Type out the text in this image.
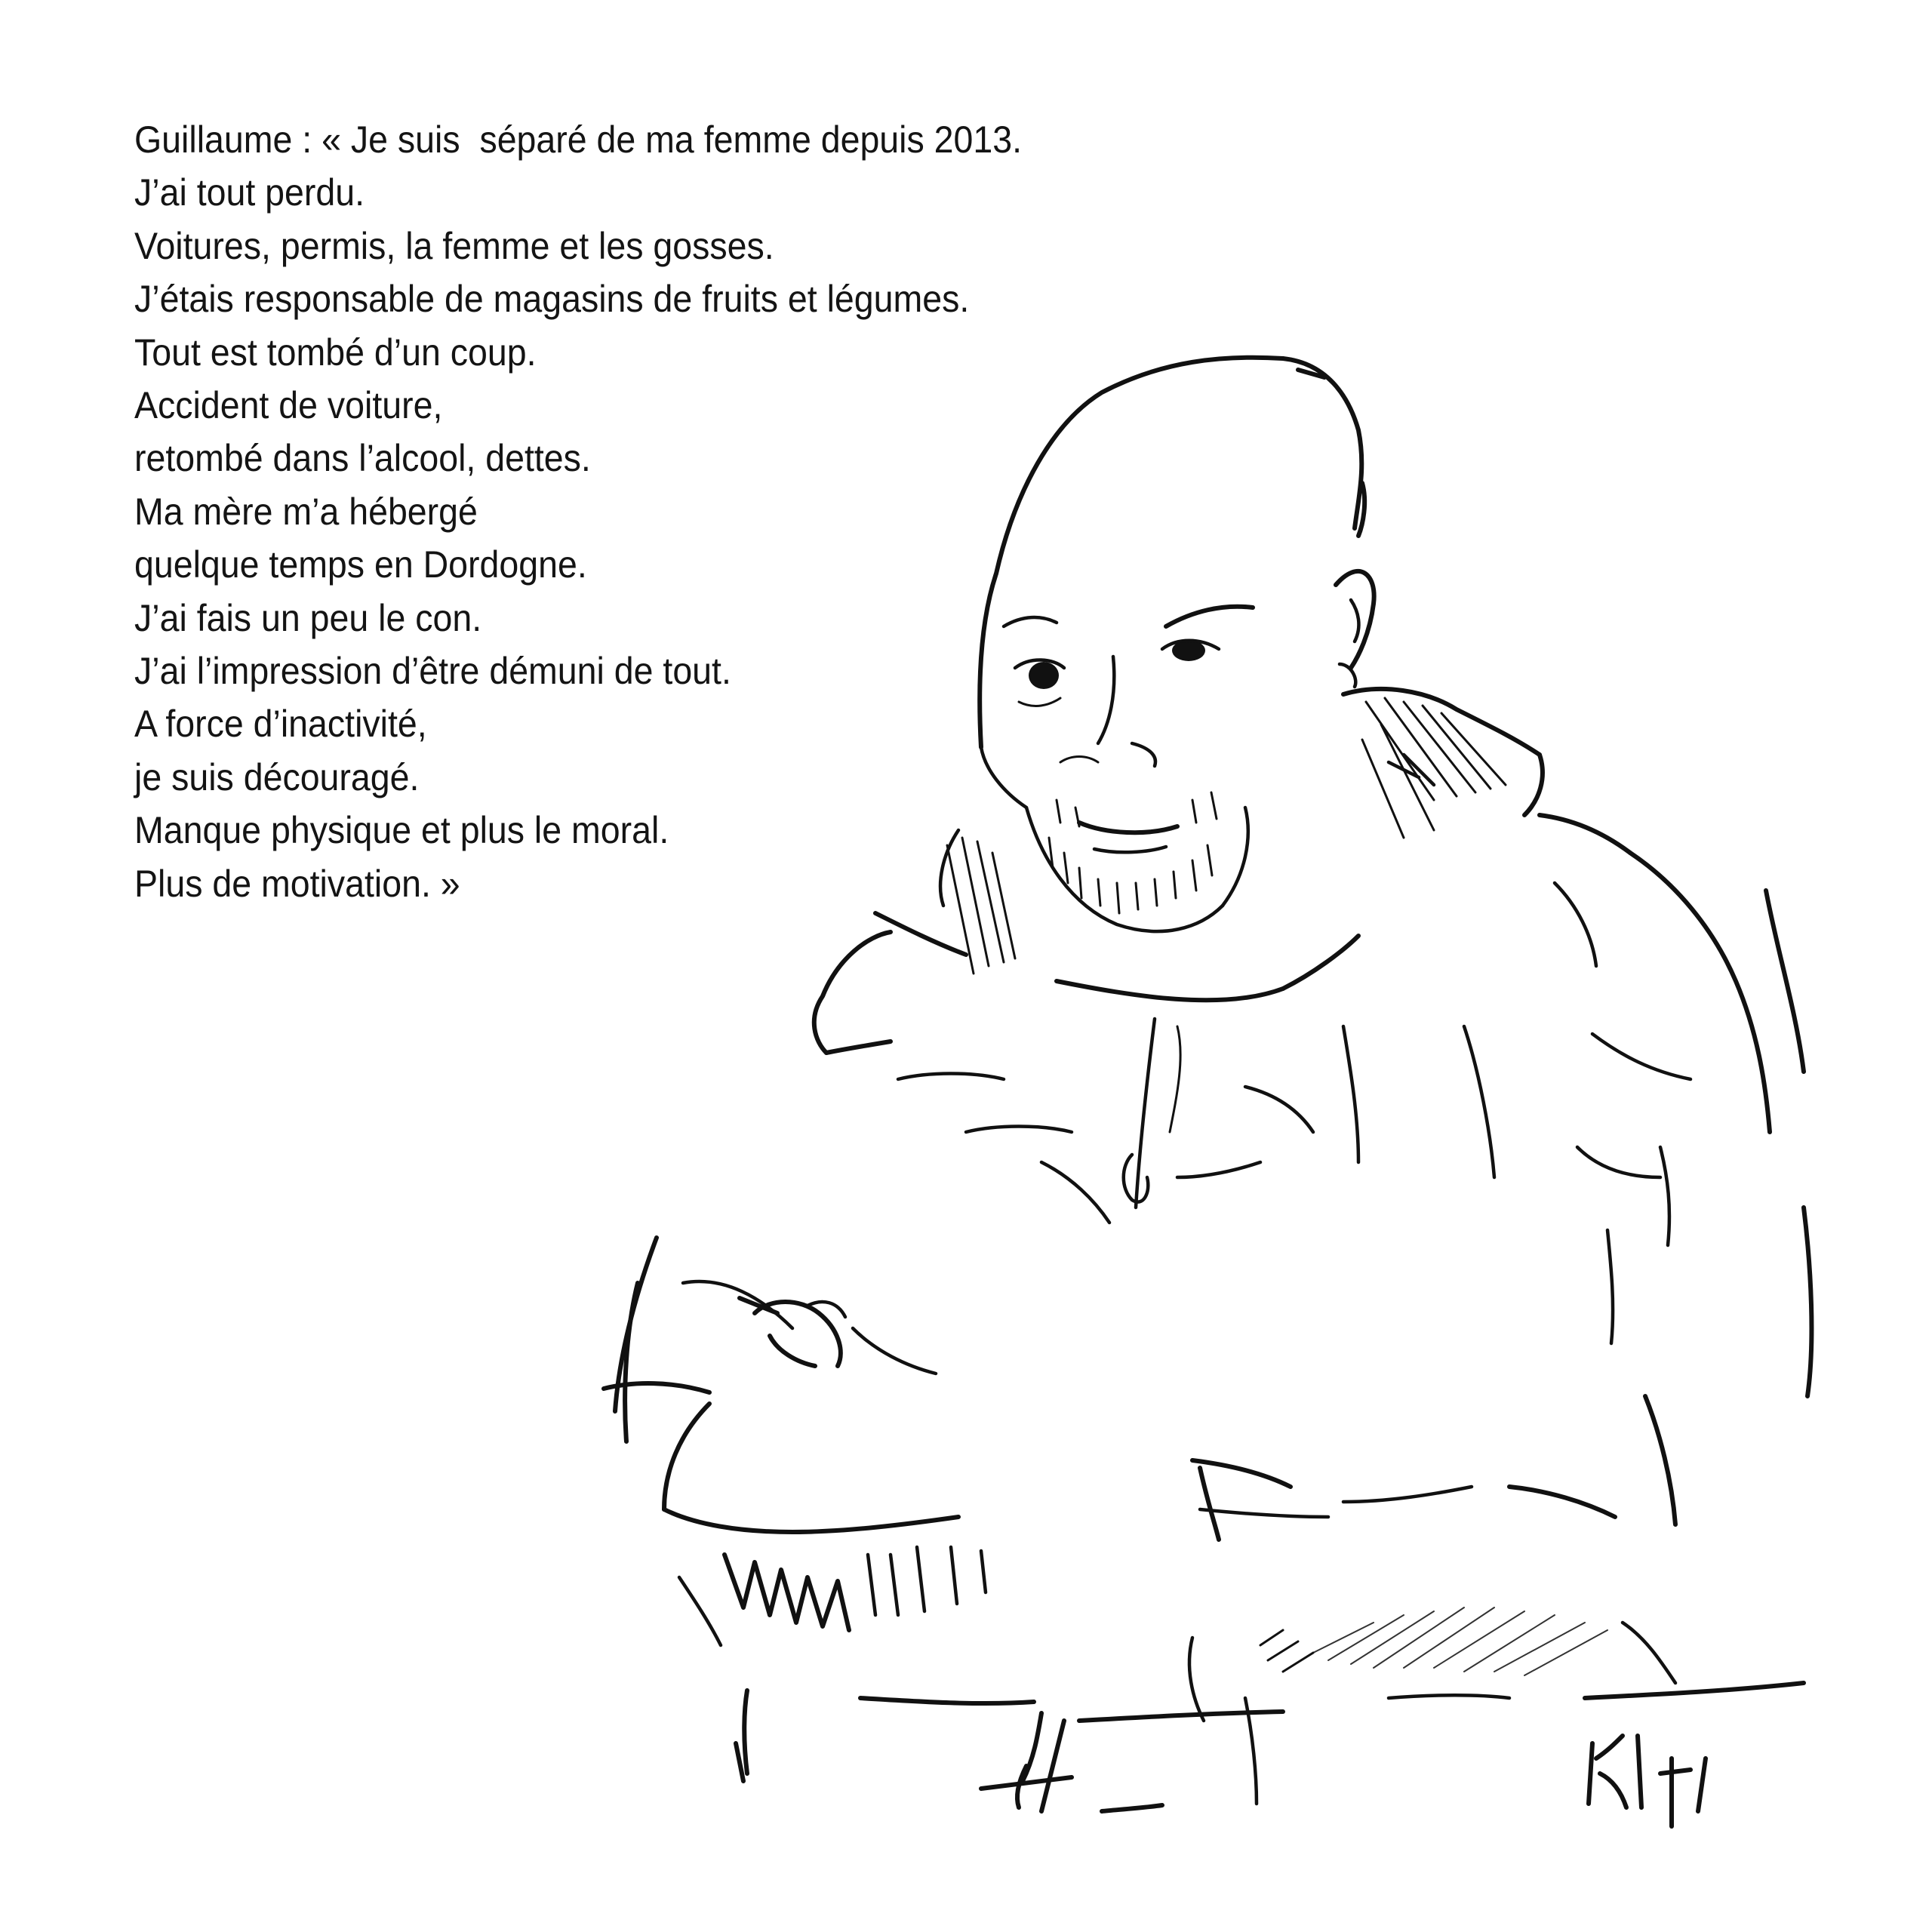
Guillaume : « Je suis  séparé de ma femme depuis 2013.
J’ai tout perdu.
Voitures, permis, la femme et les gosses.
J’étais responsable de magasins de fruits et légumes.
Tout est tombé d’un coup.
Accident de voiture,
retombé dans l’alcool, dettes.
Ma mère m’a hébergé
quelque temps en Dordogne.
J’ai fais un peu le con.
J’ai l’impression d’être démuni de tout.
A force d’inactivité,
je suis découragé.
Manque physique et plus le moral.
Plus de motivation. »
